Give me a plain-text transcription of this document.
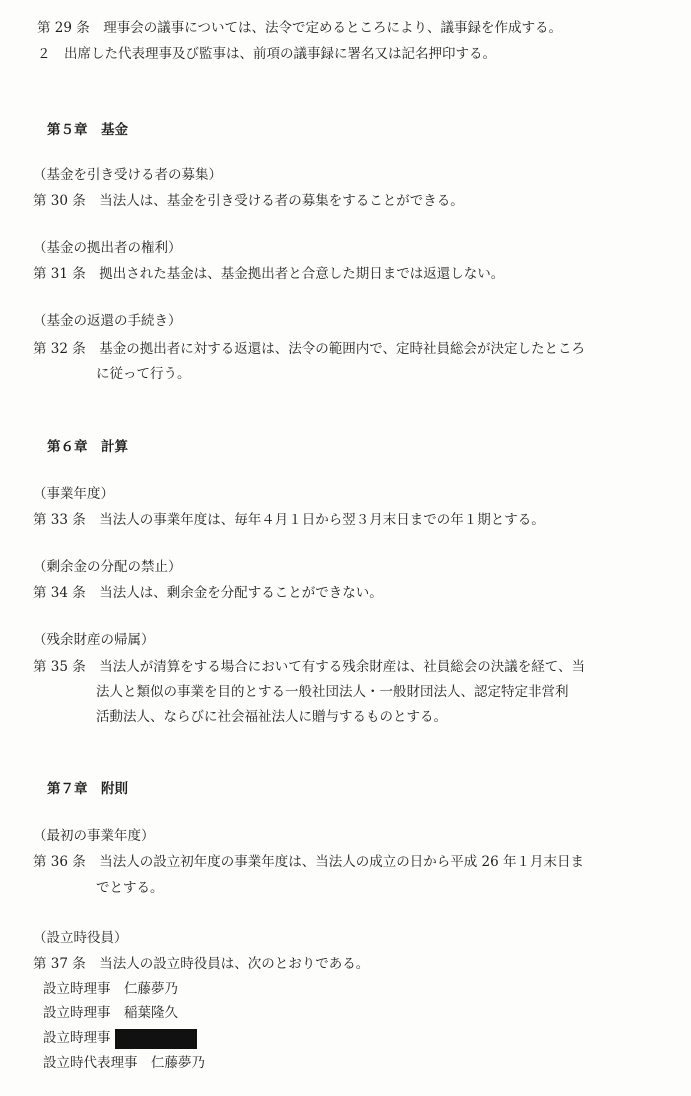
第 29 条　理事会の議事については、法令で定めるところにより、議事録を作成する。
２　出席した代表理事及び監事は、前項の議事録に署名又は記名押印する。
第５章　基金
（基金を引き受ける者の募集）
第 30 条　当法人は、基金を引き受ける者の募集をすることができる。
（基金の拠出者の権利）
第 31 条　拠出された基金は、基金拠出者と合意した期日までは返還しない。
（基金の返還の手続き）
第 32 条　基金の拠出者に対する返還は、法令の範囲内で、定時社員総会が決定したところ
に従って行う。
第６章　計算
（事業年度）
第 33 条　当法人の事業年度は、毎年４月１日から翌３月末日までの年１期とする。
（剰余金の分配の禁止）
第 34 条　当法人は、剰余金を分配することができない。
（残余財産の帰属）
第 35 条　当法人が清算をする場合において有する残余財産は、社員総会の決議を経て、当
法人と類似の事業を目的とする一般社団法人・一般財団法人、認定特定非営利
活動法人、ならびに社会福祉法人に贈与するものとする。
第７章　附則
（最初の事業年度）
第 36 条　当法人の設立初年度の事業年度は、当法人の成立の日から平成 26 年１月末日ま
でとする。
（設立時役員）
第 37 条　当法人の設立時役員は、次のとおりである。
設立時理事　仁藤夢乃
設立時理事　稲葉隆久
設立時理事
設立時代表理事　仁藤夢乃
